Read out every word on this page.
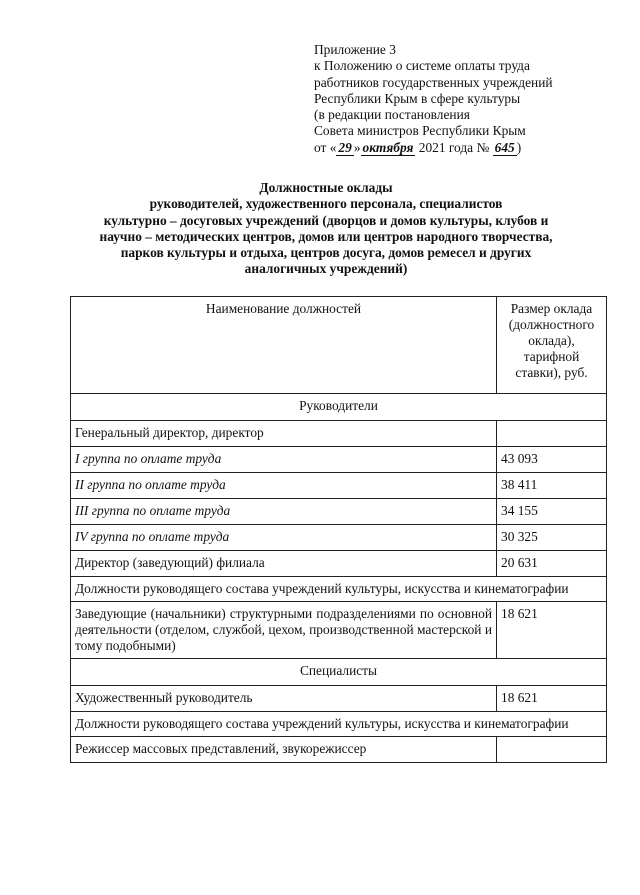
Приложение 3
к Положению о системе оплаты труда
работников государственных учреждений
Республики Крым в сфере культуры
(в редакции постановления
Совета министров Республики Крым
от « 29 » октября 2021 года № 645 )
Должностные оклады
руководителей, художественного персонала, специалистов
культурно – досуговых учреждений (дворцов и домов культуры, клубов и
научно – методических центров, домов или центров народного творчества,
парков культуры и отдыха, центров досуга, домов ремесел и других
аналогичных учреждений)
Наименование должностей	Размер оклада (должностного оклада), тарифной ставки), руб.
Руководители	
Генеральный директор, директор	
I группа по оплате труда	43 093
II группа по оплате труда	38 411
III группа по оплате труда	34 155
IV группа по оплате труда	30 325
Директор (заведующий) филиала	20 631
Должности руководящего состава учреждений культуры, искусства и кинематографии	
Заведующие (начальники) структурными подразделениями по основной деятельности (отделом, службой, цехом, производственной мастерской и тому подобными)	18 621
Специалисты	
Художественный руководитель	18 621
Должности руководящего состава учреждений культуры, искусства и кинематографии	
Режиссер массовых представлений, звукорежиссер	
